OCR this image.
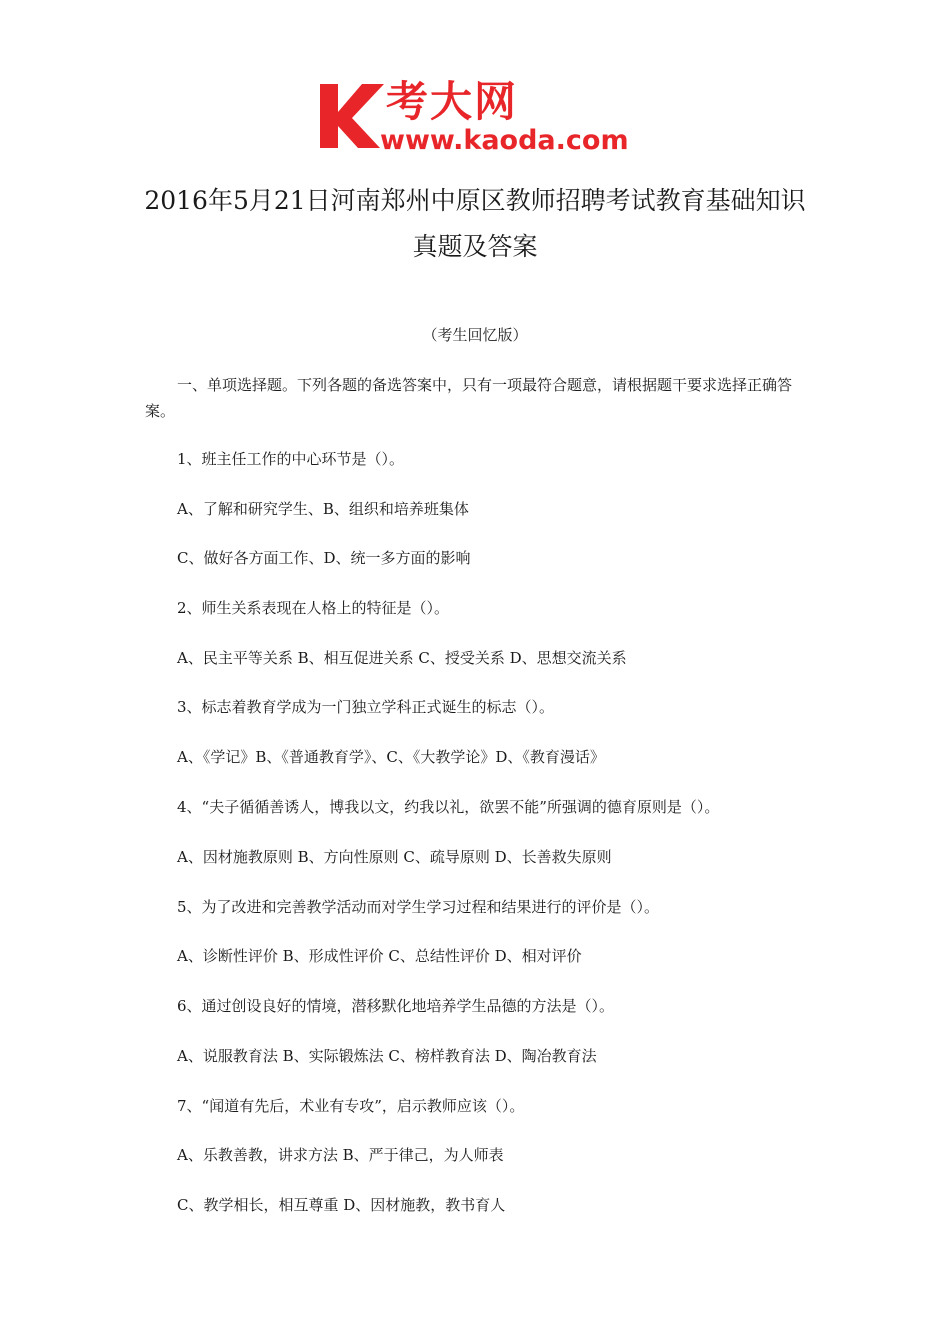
考大网
www.kaoda.com
2016年5月21日河南郑州中原区教师招聘考试教育基础知识真题及答案
（考生回忆版）
一、单项选择题。下列各题的备选答案中，只有一项最符合题意，请根据题干要求选择正确答案。
1、班主任工作的中心环节是（）。
A、了解和研究学生、B、组织和培养班集体
C、做好各方面工作、D、统一多方面的影响
2、师生关系表现在人格上的特征是（）。
A、民主平等关系 B、相互促进关系 C、授受关系 D、思想交流关系
3、标志着教育学成为一门独立学科正式诞生的标志（）。
A、《学记》B、《普通教育学》、C、《大教学论》D、《教育漫话》
4、“夫子循循善诱人，博我以文，约我以礼，欲罢不能”所强调的德育原则是（）。
A、因材施教原则 B、方向性原则 C、疏导原则 D、长善救失原则
5、为了改进和完善教学活动而对学生学习过程和结果进行的评价是（）。
A、诊断性评价 B、形成性评价 C、总结性评价 D、相对评价
6、通过创设良好的情境，潜移默化地培养学生品德的方法是（）。
A、说服教育法 B、实际锻炼法 C、榜样教育法 D、陶冶教育法
7、“闻道有先后，术业有专攻”，启示教师应该（）。
A、乐教善教，讲求方法 B、严于律己，为人师表
C、教学相长，相互尊重 D、因材施教，教书育人
